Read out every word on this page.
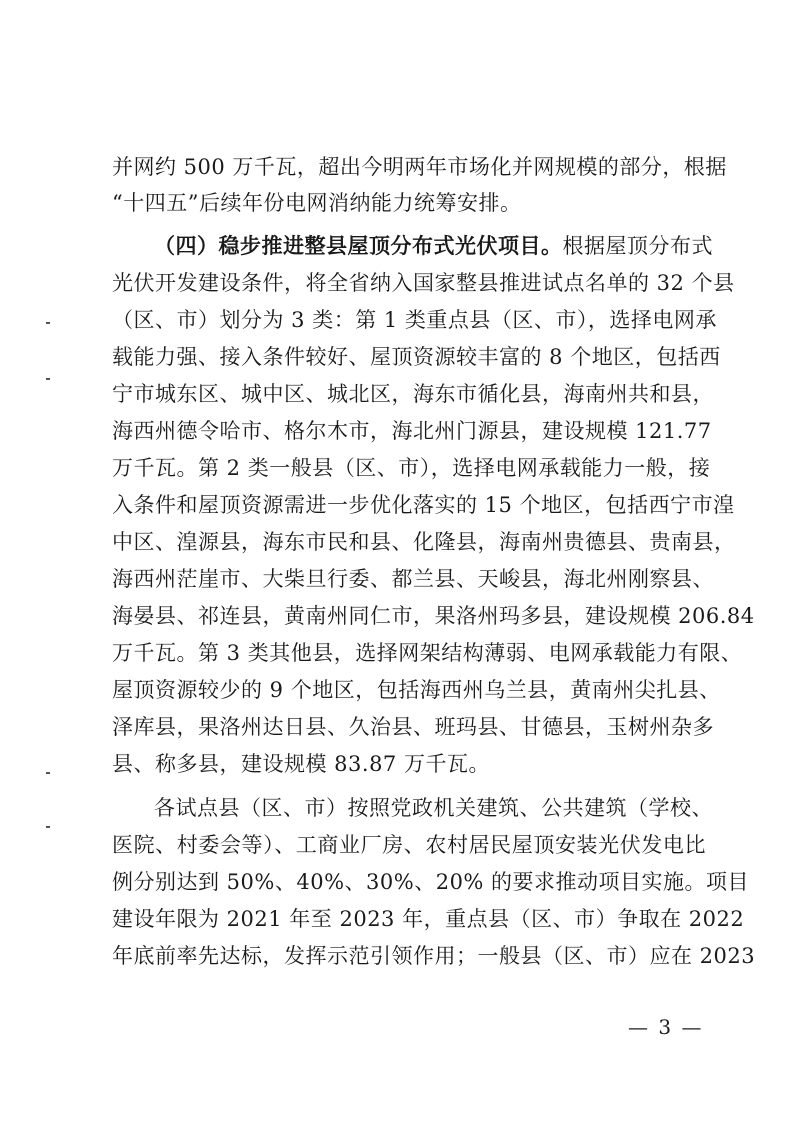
并网约 500 万千瓦，超出今明两年市场化并网规模的部分，根据
“十四五”后续年份电网消纳能力统筹安排。
（四）稳步推进整县屋顶分布式光伏项目。根据屋顶分布式
光伏开发建设条件，将全省纳入国家整县推进试点名单的 32 个县
（区、市）划分为 3 类：第 1 类重点县（区、市），选择电网承
载能力强、接入条件较好、屋顶资源较丰富的 8 个地区，包括西
宁市城东区、城中区、城北区，海东市循化县，海南州共和县，
海西州德令哈市、格尔木市，海北州门源县，建设规模 121.77
万千瓦。第 2 类一般县（区、市），选择电网承载能力一般，接
入条件和屋顶资源需进一步优化落实的 15 个地区，包括西宁市湟
中区、湟源县，海东市民和县、化隆县，海南州贵德县、贵南县，
海西州茫崖市、大柴旦行委、都兰县、天峻县，海北州刚察县、
海晏县、祁连县，黄南州同仁市，果洛州玛多县，建设规模 206.84
万千瓦。第 3 类其他县，选择网架结构薄弱、电网承载能力有限、
屋顶资源较少的 9 个地区，包括海西州乌兰县，黄南州尖扎县、
泽库县，果洛州达日县、久治县、班玛县、甘德县，玉树州杂多
县、称多县，建设规模 83.87 万千瓦。
各试点县（区、市）按照党政机关建筑、公共建筑（学校、
医院、村委会等）、工商业厂房、农村居民屋顶安装光伏发电比
例分别达到 50%、40%、30%、20% 的要求推动项目实施。项目
建设年限为 2021 年至 2023 年，重点县（区、市）争取在 2022
年底前率先达标，发挥示范引领作用；一般县（区、市）应在 2023
— 3 —
